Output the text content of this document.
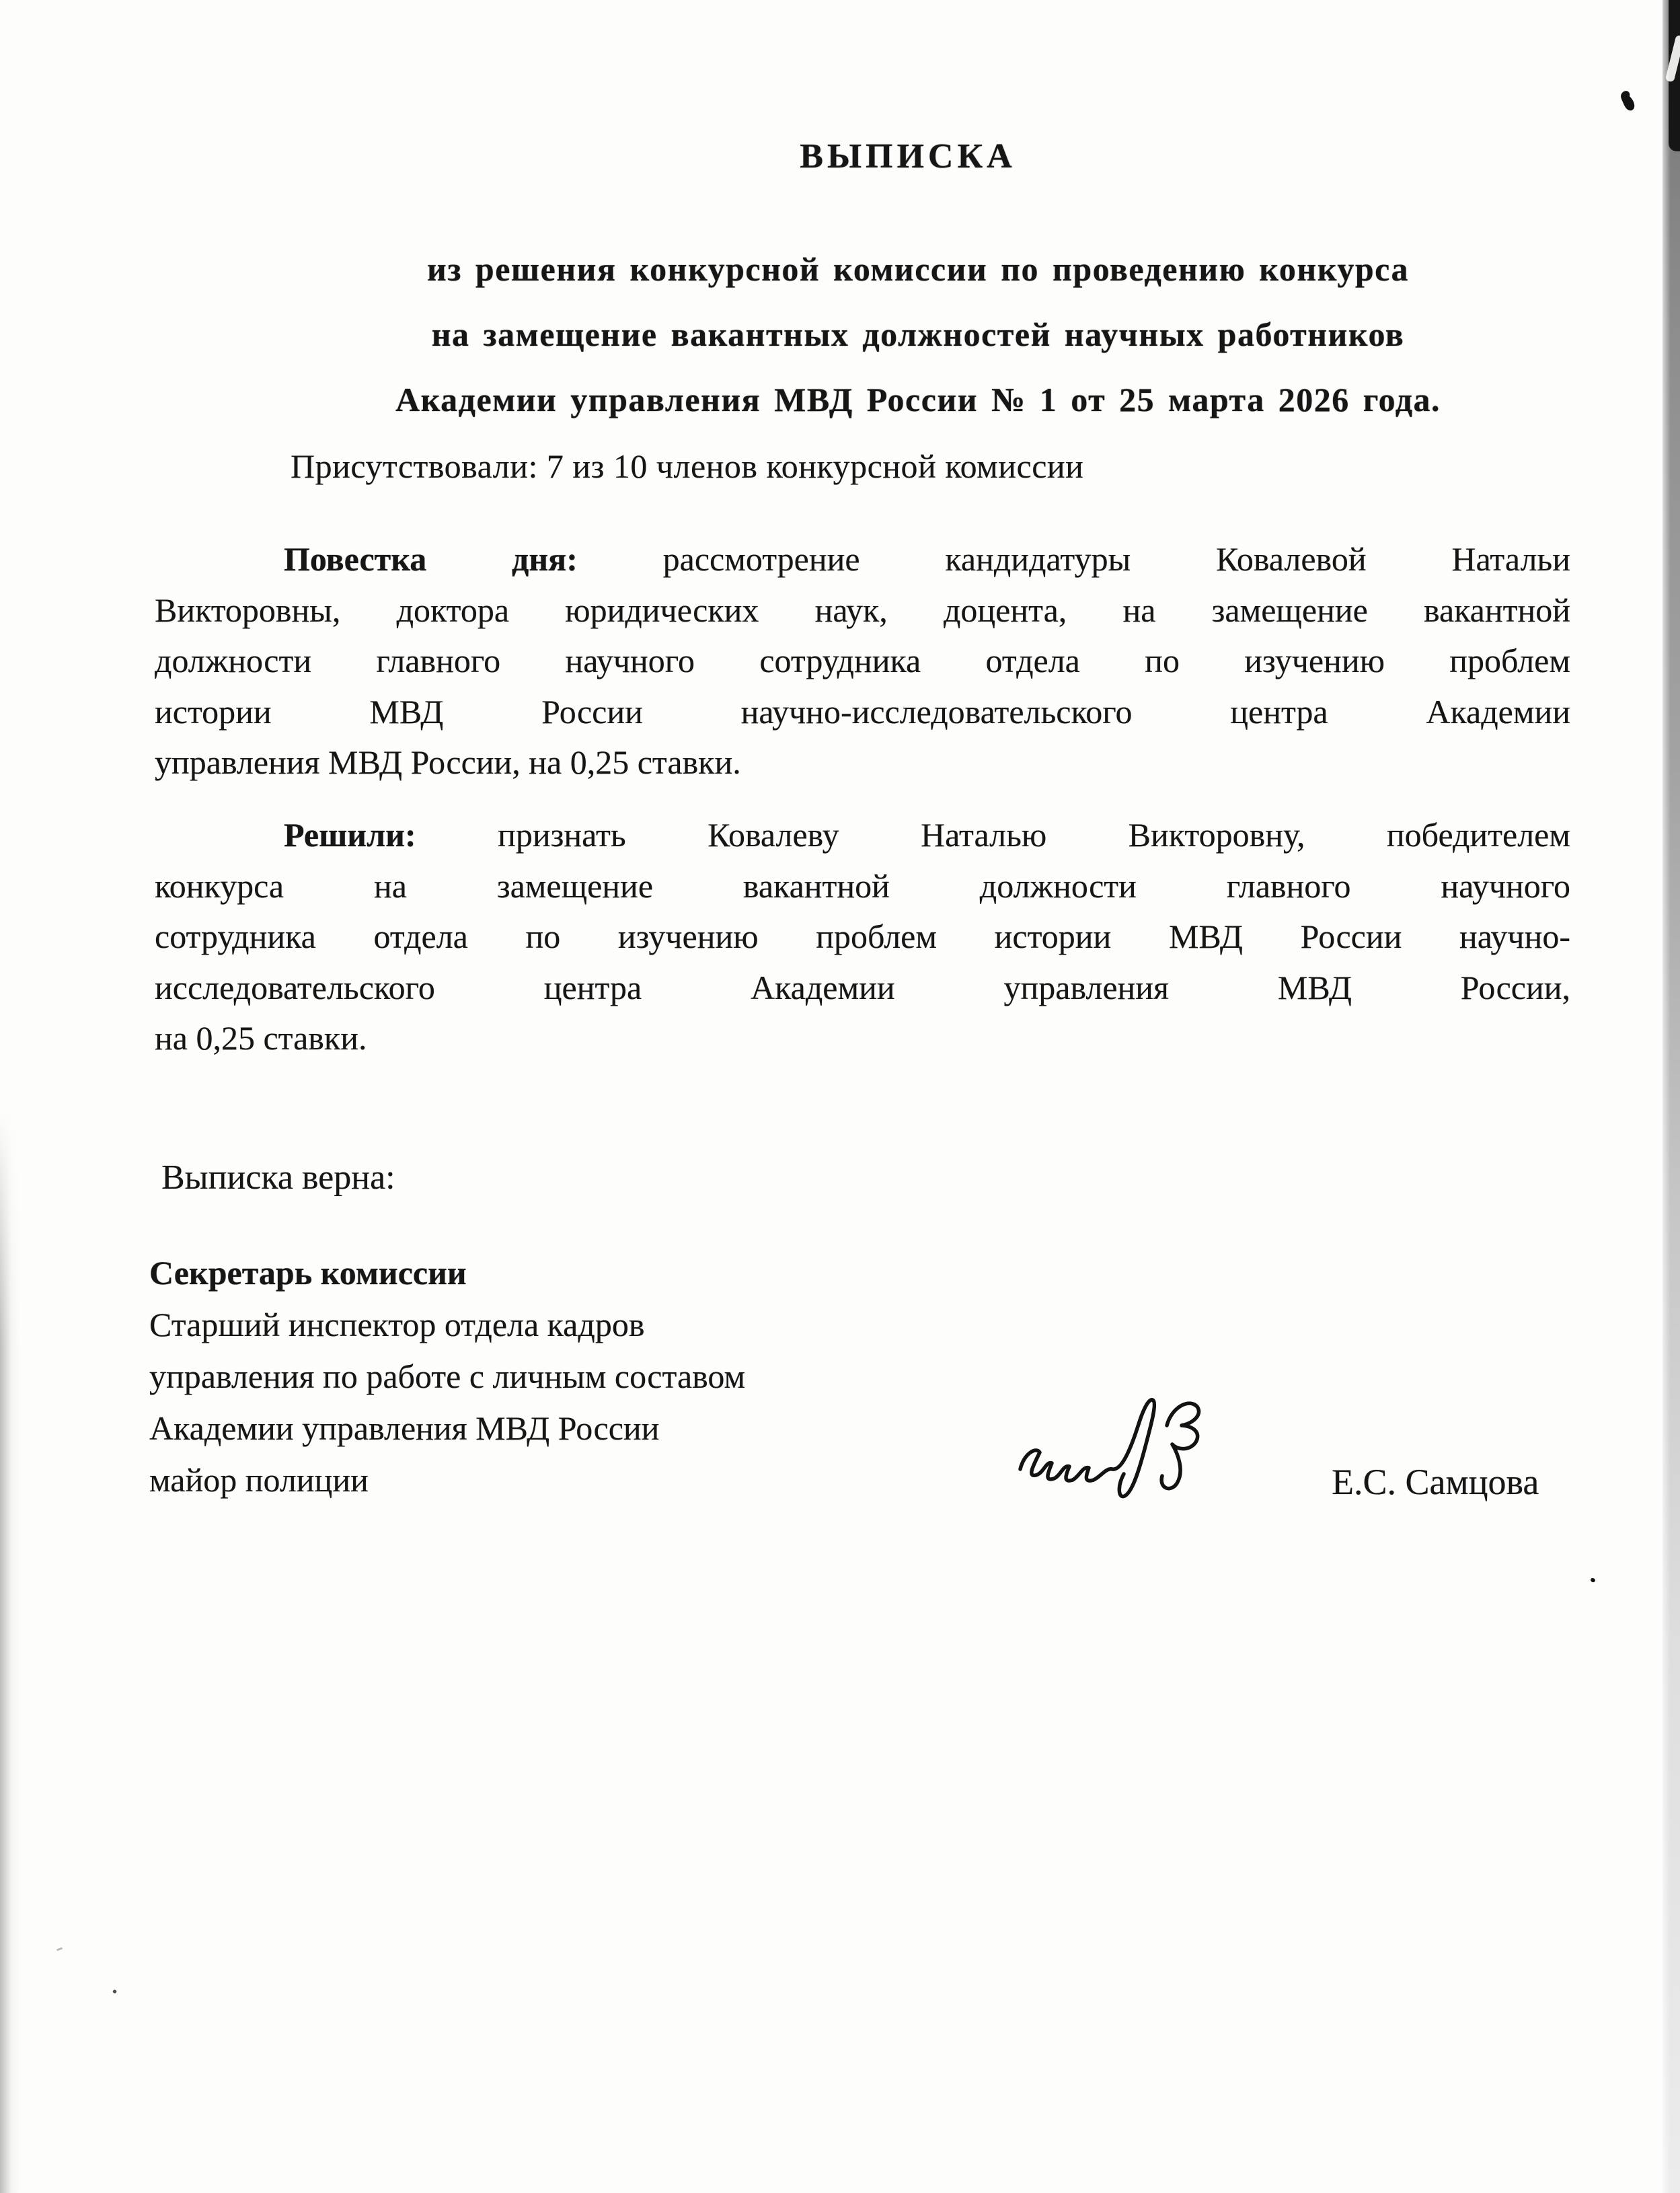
ВЫПИСКА
из решения конкурсной комиссии по проведению конкурса
на замещение вакантных должностей научных работников
Академии управления МВД России № 1 от 25 марта 2026 года.
Присутствовали: 7 из 10 членов конкурсной комиссии
Повестка дня:	рассмотрение кандидатуры Ковалевой Натальи
Викторовны, доктора юридических наук, доцента, на замещение вакантной
должности главного научного сотрудника отдела по изучению проблем
истории МВД России научно-исследовательского центра Академии
управления МВД России, на 0,25 ставки.
Решили: признать Ковалеву Наталью Викторовну, победителем
конкурса на замещение вакантной должности главного научного
сотрудника отдела по изучению проблем истории МВД России научно-
исследовательского центра Академии управления МВД России,
на 0,25 ставки.
Выписка верна:
Секретарь комиссии
Старший инспектор отдела кадров
управления по работе с личным составом
Академии управления МВД России
майор полиции	Е.С. Самцова
